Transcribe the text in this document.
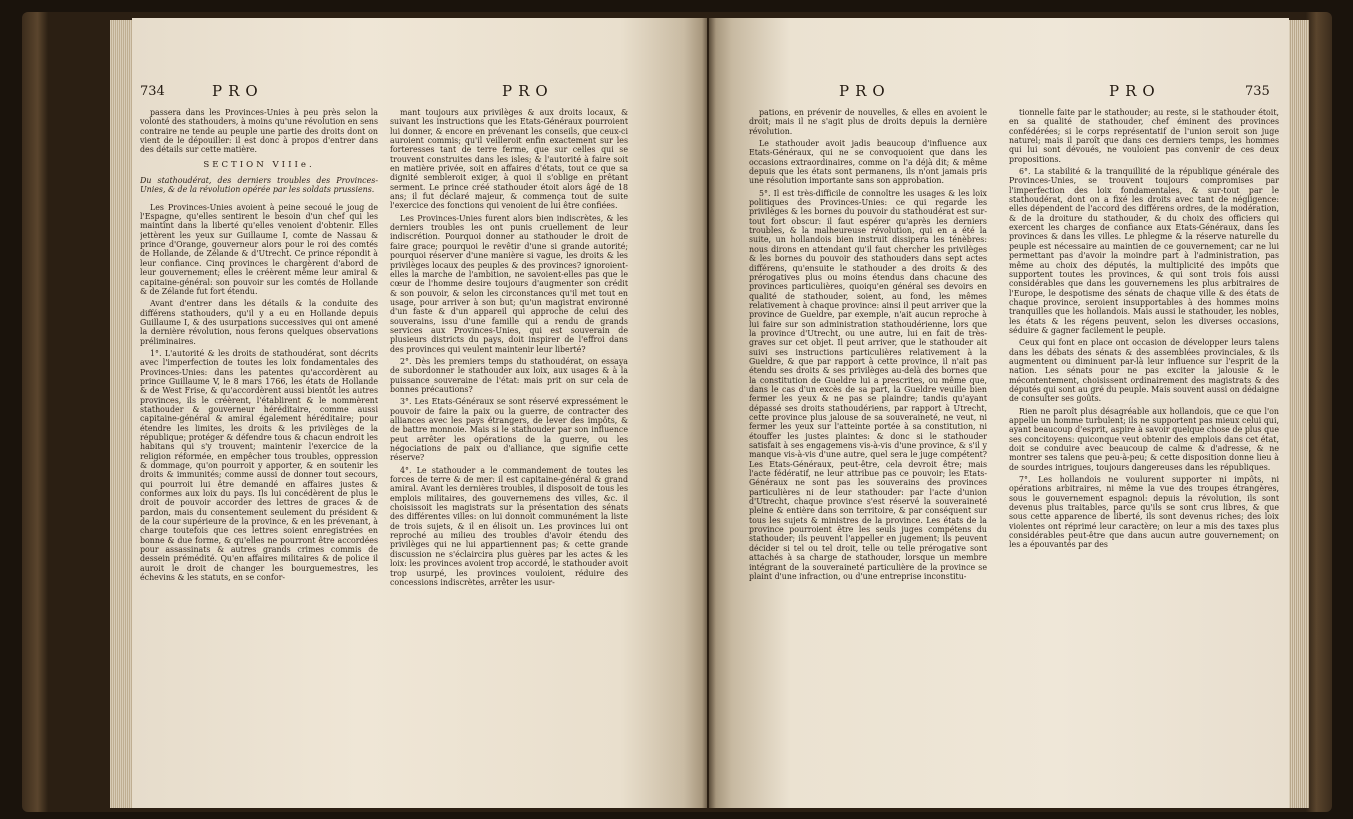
734	PRO	PRO

passera dans les Provinces-Unies à peu près selon la volonté des stathouders, à moins qu'une révolution en sens contraire ne tende au peuple une partie des droits dont on vient de le dépouiller: il est donc à propos d'entrer dans des détails sur cette matière.

SECTION VIIIe.

Du stathoudérat, des derniers troubles des Provinces-Unies, & de la révolution opérée par les soldats prussiens.

Les Provinces-Unies avoient à peine secoué le joug de l'Espagne, qu'elles sentirent le besoin d'un chef qui les maintînt dans la liberté qu'elles venoient d'obtenir. Elles jettèrent les yeux sur Guillaume I, comte de Nassau & prince d'Orange, gouverneur alors pour le roi des comtés de Hollande, de Zélande & d'Utrecht. Ce prince répondit à leur confiance. Cinq provinces le chargèrent d'abord de leur gouvernement; elles le créèrent même leur amiral & capitaine-général: son pouvoir sur les comtés de Hollande & de Zélande fut fort étendu.

Avant d'entrer dans les détails & la conduite des différens stathouders, qu'il y a eu en Hollande depuis Guillaume I, & des usurpations successives qui ont amené la dernière révolution, nous ferons quelques observations préliminaires.

1°. L'autorité & les droits de stathoudérat, sont décrits avec l'imperfection de toutes les loix fondamentales des Provinces-Unies: dans les patentes qu'accordèrent au prince Guillaume V, le 8 mars 1766, les états de Hollande & de West Frise, & qu'accordèrent aussi bientôt les autres provinces, ils le créèrent, l'établirent & le nommèrent stathouder & gouverneur héréditaire, comme aussi capitaine-général & amiral également héréditaire; pour étendre les limites, les droits & les privilèges de la république; protéger & défendre tous & chacun endroit les habitans qui s'y trouvent; maintenir l'exercice de la religion réformée, en empêcher tous troubles, oppression & dommage, qu'on pourroit y apporter, & en soutenir les droits & immunités; comme aussi de donner tout secours, qui pourroit lui être demandé en affaires justes & conformes aux loix du pays. Ils lui concédèrent de plus le droit de pouvoir accorder des lettres de graces & de pardon, mais du consentement seulement du président & de la cour supérieure de la province, & en les prévenant, à charge toutefois que ces lettres soient enregistrées en bonne & due forme, & qu'elles ne pourront être accordées pour assassinats & autres grands crimes commis de dessein prémédité. Qu'en affaires militaires & de police il auroit le droit de changer les bourguemestres, les échevins & les statuts, en se confor-

mant toujours aux privilèges & aux droits locaux, & suivant les instructions que les Etats-Généraux pourroient lui donner, & encore en prévenant les conseils, que ceux-ci auroient commis; qu'il veilleroit enfin exactement sur les forteresses tant de terre ferme, que sur celles qui se trouvent construites dans les isles; & l'autorité à faire soit en matière privée, soit en affaires d'états, tout ce que sa dignité sembleroit exiger, à quoi il s'oblige en prêtant serment. Le prince créé stathouder étoit alors âgé de 18 ans; il fut déclaré majeur, & commença tout de suite l'exercice des fonctions qui venoient de lui être confiées.

Les Provinces-Unies furent alors bien indiscrètes, & les derniers troubles les ont punis cruellement de leur indiscrétion. Pourquoi donner au stathouder le droit de faire grace; pourquoi le revêtir d'une si grande autorité; pourquoi réserver d'une manière si vague, les droits & les privilèges locaux des peuples & des provinces? ignoroient-elles la marche de l'ambition, ne savoient-elles pas que le cœur de l'homme desire toujours d'augmenter son crédit & son pouvoir, & selon les circonstances qu'il met tout en usage, pour arriver à son but; qu'un magistrat environné d'un faste & d'un appareil qui approche de celui des souverains, issu d'une famille qui a rendu de grands services aux Provinces-Unies, qui est souverain de plusieurs districts du pays, doit inspirer de l'effroi dans des provinces qui veulent maintenir leur liberté?

2°. Dès les premiers temps du stathoudérat, on essaya de subordonner le stathouder aux loix, aux usages & à la puissance souveraine de l'état: mais prit on sur cela de bonnes précautions?

3°. Les Etats-Généraux se sont réservé expressément le pouvoir de faire la paix ou la guerre, de contracter des alliances avec les pays étrangers, de lever des impôts, & de battre monnoie. Mais si le stathouder par son influence peut arrêter les opérations de la guerre, ou les négociations de paix ou d'alliance, que signifie cette réserve?

4°. Le stathouder a le commandement de toutes les forces de terre & de mer: il est capitaine-général & grand amiral. Avant les dernières troubles, il disposoit de tous les emplois militaires, des gouvernemens des villes, &c. il choisissoit les magistrats sur la présentation des sénats des différentes villes: on lui donnoit communément la liste de trois sujets, & il en élisoit un. Les provinces lui ont reproché au milieu des troubles d'avoir étendu des privilèges qui ne lui appartiennent pas; & cette grande discussion ne s'éclaircira plus guères par les actes & les loix: les provinces avoient trop accordé, le stathouder avoit trop usurpé, les provinces vouloient, réduire des concessions indiscrètes, arrêter les usur-

PRO	PRO	735

pations, en prévenir de nouvelles, & elles en avoient le droit; mais il ne s'agit plus de droits depuis la dernière révolution.

Le stathouder avoit jadis beaucoup d'influence aux Etats-Généraux, qui ne se convoquoient que dans les occasions extraordinaires, comme on l'a déjà dit; & même depuis que les états sont permanens, ils n'ont jamais pris une résolution importante sans son approbation.

5°. Il est très-difficile de connoître les usages & les loix politiques des Provinces-Unies: ce qui regarde les privilèges & les bornes du pouvoir du stathoudérat est sur-tout fort obscur: il faut espérer qu'après les derniers troubles, & la malheureuse révolution, qui en a été la suite, un hollandois bien instruit dissipera les ténèbres: nous dirons en attendant qu'il faut chercher les privilèges & les bornes du pouvoir des stathouders dans sept actes différens, qu'ensuite le stathouder a des droits & des prérogatives plus ou moins étendus dans chacune des provinces particulières, quoiqu'en général ses devoirs en qualité de stathouder, soient, au fond, les mêmes relativement à chaque province: ainsi il peut arriver que la province de Gueldre, par exemple, n'ait aucun reproche à lui faire sur son administration stathoudérienne, lors que la province d'Utrecht, ou une autre, lui en fait de très-graves sur cet objet. Il peut arriver, que le stathouder ait suivi ses instructions particulières relativement à la Gueldre, & que par rapport à cette province, il n'ait pas étendu ses droits & ses privilèges au-delà des bornes que la constitution de Gueldre lui a prescrites, ou même que, dans le cas d'un excès de sa part, la Gueldre veuille bien fermer les yeux & ne pas se plaindre; tandis qu'ayant dépassé ses droits stathoudériens, par rapport à Utrecht, cette province plus jalouse de sa souveraineté, ne veut, ni fermer les yeux sur l'atteinte portée à sa constitution, ni étouffer les justes plaintes: & donc si le stathouder satisfait à ses engagemens vis-à-vis d'une province, & s'il y manque vis-à-vis d'une autre, quel sera le juge compétent? Les Etats-Généraux, peut-être, cela devroit être; mais l'acte fédératif, ne leur attribue pas ce pouvoir; les Etats-Généraux ne sont pas les souverains des provinces particulières ni de leur stathouder: par l'acte d'union d'Utrecht, chaque province s'est réservé la souveraineté pleine & entière dans son territoire, & par conséquent sur tous les sujets & ministres de la province. Les états de la province pourroient être les seuls juges compétens du stathouder; ils peuvent l'appeller en jugement; ils peuvent décider si tel ou tel droit, telle ou telle prérogative sont attachés à sa charge de stathouder, lorsque un membre intégrant de la souveraineté particulière de la province se plaint d'une infraction, ou d'une entreprise inconstitu-

tionnelle faite par le stathouder; au reste, si le stathouder étoit, en sa qualité de stathouder, chef éminent des provinces confédérées; si le corps représentatif de l'union seroit son juge naturel; mais il paroît que dans ces derniers temps, les hommes qui lui sont dévoués, ne vouloient pas convenir de ces deux propositions.

6°. La stabilité & la tranquillité de la république générale des Provinces-Unies, se trouvent toujours compromises par l'imperfection des loix fondamentales, & sur-tout par le stathoudérat, dont on a fixé les droits avec tant de négligence: elles dépendent de l'accord des différens ordres, de la modération, & de la droiture du stathouder, & du choix des officiers qui exercent les charges de confiance aux Etats-Généraux, dans les provinces & dans les villes. Le phlegme & la réserve naturelle du peuple est nécessaire au maintien de ce gouvernement; car ne lui permettant pas d'avoir la moindre part à l'administration, pas même au choix des députés, la multiplicité des impôts que supportent toutes les provinces, & qui sont trois fois aussi considérables que dans les gouvernemens les plus arbitraires de l'Europe, le despotisme des sénats de chaque ville & des états de chaque province, seroient insupportables à des hommes moins tranquilles que les hollandois. Mais aussi le stathouder, les nobles, les états & les régens peuvent, selon les diverses occasions, séduire & gagner facilement le peuple.

Ceux qui font en place ont occasion de développer leurs talens dans les débats des sénats & des assemblées provinciales, & ils augmentent ou diminuent par-là leur influence sur l'esprit de la nation. Les sénats pour ne pas exciter la jalousie & le mécontentement, choisissent ordinairement des magistrats & des députés qui sont au gré du peuple. Mais souvent aussi on dédaigne de consulter ses goûts.

Rien ne paroît plus désagréable aux hollandois, que ce que l'on appelle un homme turbulent; ils ne supportent pas mieux celui qui, ayant beaucoup d'esprit, aspire à savoir quelque chose de plus que ses concitoyens: quiconque veut obtenir des emplois dans cet état, doit se conduire avec beaucoup de calme & d'adresse, & ne montrer ses talens que peu-à-peu; & cette disposition donne lieu à de sourdes intrigues, toujours dangereuses dans les républiques.

7°. Les hollandois ne voulurent supporter ni impôts, ni opérations arbitraires, ni même la vue des troupes étrangères, sous le gouvernement espagnol: depuis la révolution, ils sont devenus plus traitables, parce qu'ils se sont crus libres, & que sous cette apparence de liberté, ils sont devenus riches; des loix violentes ont réprimé leur caractère; on leur a mis des taxes plus considérables peut-être que dans aucun autre gouvernement; on les a épouvantés par des
